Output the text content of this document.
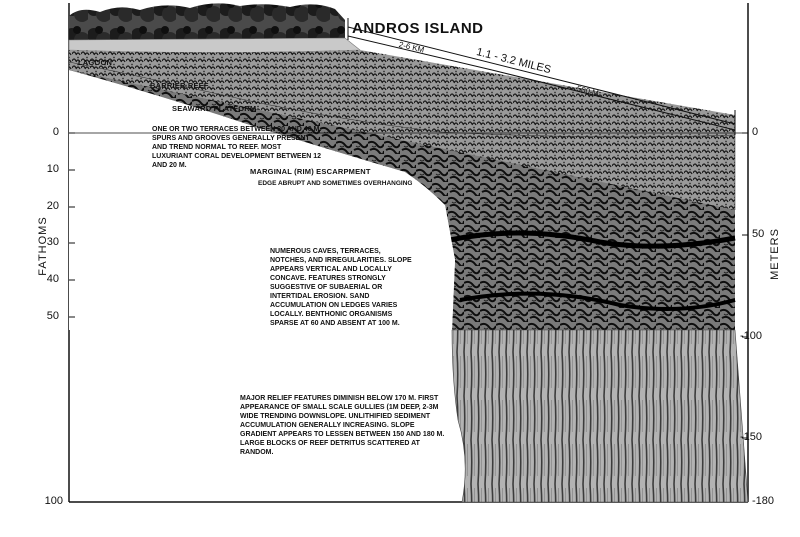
ANDROS ISLAND
1.1 - 3.2 MILES
2-6 KM
500 M
LAGOON
BARRIER REEF
SEAWARD PLATFORM
MARGINAL (RIM) ESCARPMENT
EDGE ABRUPT AND SOMETIMES OVERHANGING
ONE OR TWO TERRACES BETWEEN 30 AND 40 M. SPURS AND GROOVES GENERALLY PRESENT AND TREND NORMAL TO REEF. MOST LUXURIANT CORAL DEVELOPMENT BETWEEN 12 AND 20 M.
NUMEROUS CAVES, TERRACES, NOTCHES, AND IRREGULARITIES. SLOPE APPEARS VERTICAL AND LOCALLY CONCAVE. FEATURES STRONGLY SUGGESTIVE OF SUBAERIAL OR INTERTIDAL EROSION. SAND ACCUMULATION ON LEDGES VARIES LOCALLY. BENTHONIC ORGANISMS SPARSE AT 60 AND ABSENT AT 100 M.
MAJOR RELIEF FEATURES DIMINISH BELOW 170 M. FIRST APPEARANCE OF SMALL SCALE GULLIES (1M DEEP, 2-3M WIDE TRENDING DOWNSLOPE. UNLITHIFIED SEDIMENT ACCUMULATION GENERALLY INCREASING. SLOPE GRADIENT APPEARS TO LESSEN BETWEEN 150 AND 180 M. LARGE BLOCKS OF REEF DETRITUS SCATTERED AT RANDOM.
FATHOMS	METERS
0
10
20
30
40
50
100
0
50
-100
-150
-180
